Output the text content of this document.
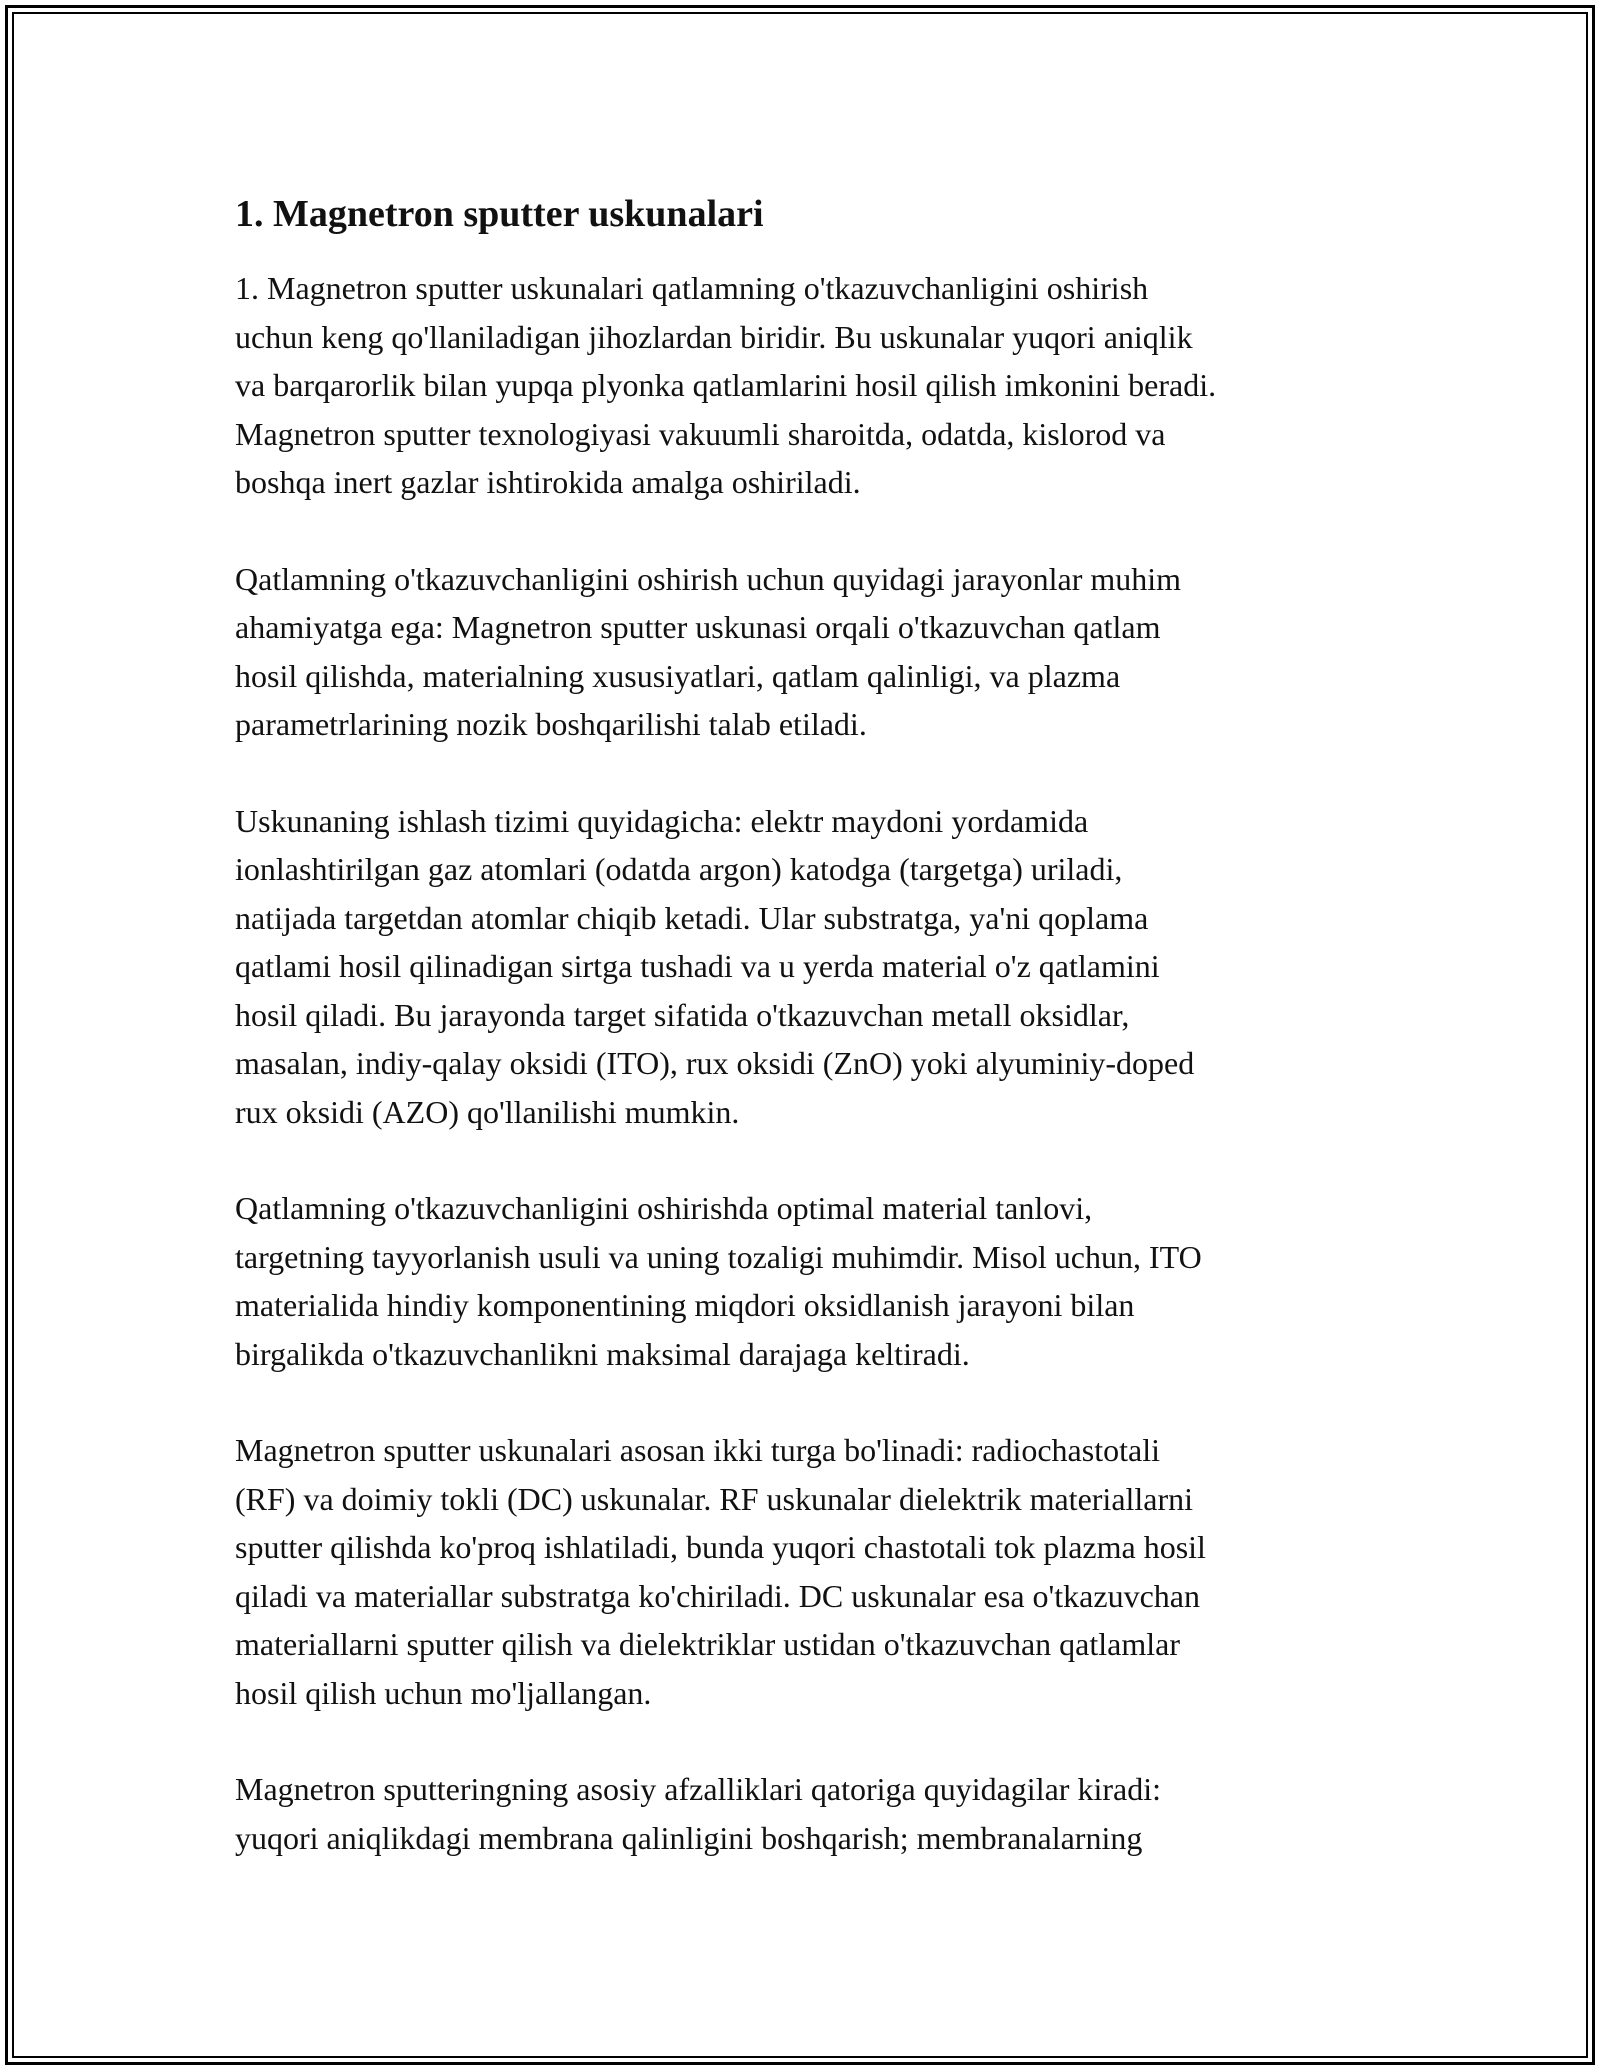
1. Magnetron sputter uskunalari

1. Magnetron sputter uskunalari qatlamning o'tkazuvchanligini oshirish
uchun keng qo'llaniladigan jihozlardan biridir. Bu uskunalar yuqori aniqlik
va barqarorlik bilan yupqa plyonka qatlamlarini hosil qilish imkonini beradi.
Magnetron sputter texnologiyasi vakuumli sharoitda, odatda, kislorod va
boshqa inert gazlar ishtirokida amalga oshiriladi.

Qatlamning o'tkazuvchanligini oshirish uchun quyidagi jarayonlar muhim
ahamiyatga ega: Magnetron sputter uskunasi orqali o'tkazuvchan qatlam
hosil qilishda, materialning xususiyatlari, qatlam qalinligi, va plazma
parametrlarining nozik boshqarilishi talab etiladi.

Uskunaning ishlash tizimi quyidagicha: elektr maydoni yordamida
ionlashtirilgan gaz atomlari (odatda argon) katodga (targetga) uriladi,
natijada targetdan atomlar chiqib ketadi. Ular substratga, ya'ni qoplama
qatlami hosil qilinadigan sirtga tushadi va u yerda material o'z qatlamini
hosil qiladi. Bu jarayonda target sifatida o'tkazuvchan metall oksidlar,
masalan, indiy-qalay oksidi (ITO), rux oksidi (ZnO) yoki alyuminiy-doped
rux oksidi (AZO) qo'llanilishi mumkin.

Qatlamning o'tkazuvchanligini oshirishda optimal material tanlovi,
targetning tayyorlanish usuli va uning tozaligi muhimdir. Misol uchun, ITO
materialida hindiy komponentining miqdori oksidlanish jarayoni bilan
birgalikda o'tkazuvchanlikni maksimal darajaga keltiradi.

Magnetron sputter uskunalari asosan ikki turga bo'linadi: radiochastotali
(RF) va doimiy tokli (DC) uskunalar. RF uskunalar dielektrik materiallarni
sputter qilishda ko'proq ishlatiladi, bunda yuqori chastotali tok plazma hosil
qiladi va materiallar substratga ko'chiriladi. DC uskunalar esa o'tkazuvchan
materiallarni sputter qilish va dielektriklar ustidan o'tkazuvchan qatlamlar
hosil qilish uchun mo'ljallangan.

Magnetron sputteringning asosiy afzalliklari qatoriga quyidagilar kiradi:
yuqori aniqlikdagi membrana qalinligini boshqarish; membranalarning
